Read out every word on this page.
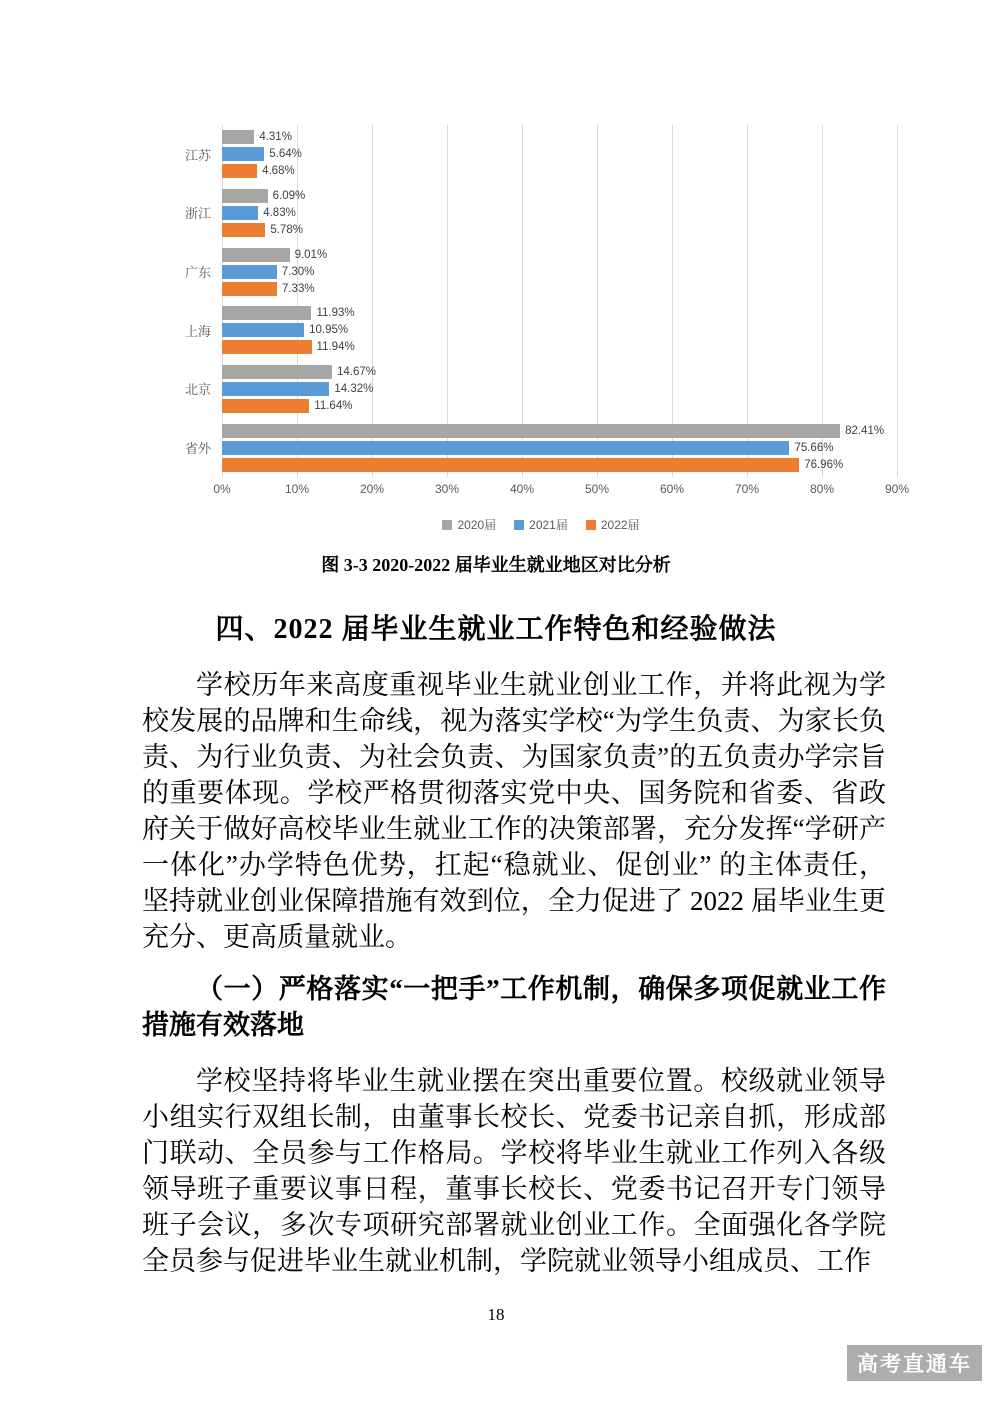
江苏
浙江
广东
上海
北京
省外
4.31%
5.64%
4.68%
6.09%
4.83%
5.78%
9.01%
7.30%
7.33%
11.93%
10.95%
11.94%
14.67%
14.32%
11.64%
82.41%
75.66%
76.96%
0%	10%	20%	30%	40%	50%	60%	70%	80%	90%
2020届	2021届	2022届

图 3-3 2020-2022 届毕业生就业地区对比分析

四、2022 届毕业生就业工作特色和经验做法

学校历年来高度重视毕业生就业创业工作，并将此视为学校发展的品牌和生命线，视为落实学校“为学生负责、为家长负责、为行业负责、为社会负责、为国家负责”的五负责办学宗旨的重要体现。学校严格贯彻落实党中央、国务院和省委、省政府关于做好高校毕业生就业工作的决策部署，充分发挥“学研产一体化”办学特色优势，扛起“稳就业、促创业” 的主体责任，坚持就业创业保障措施有效到位，全力促进了 2022 届毕业生更充分、更高质量就业。

（一）严格落实“一把手”工作机制，确保多项促就业工作措施有效落地

学校坚持将毕业生就业摆在突出重要位置。校级就业领导小组实行双组长制，由董事长校长、党委书记亲自抓，形成部门联动、全员参与工作格局。学校将毕业生就业工作列入各级领导班子重要议事日程，董事长校长、党委书记召开专门领导班子会议，多次专项研究部署就业创业工作。全面强化各学院全员参与促进毕业生就业机制，学院就业领导小组成员、工作

18
高考直通车
